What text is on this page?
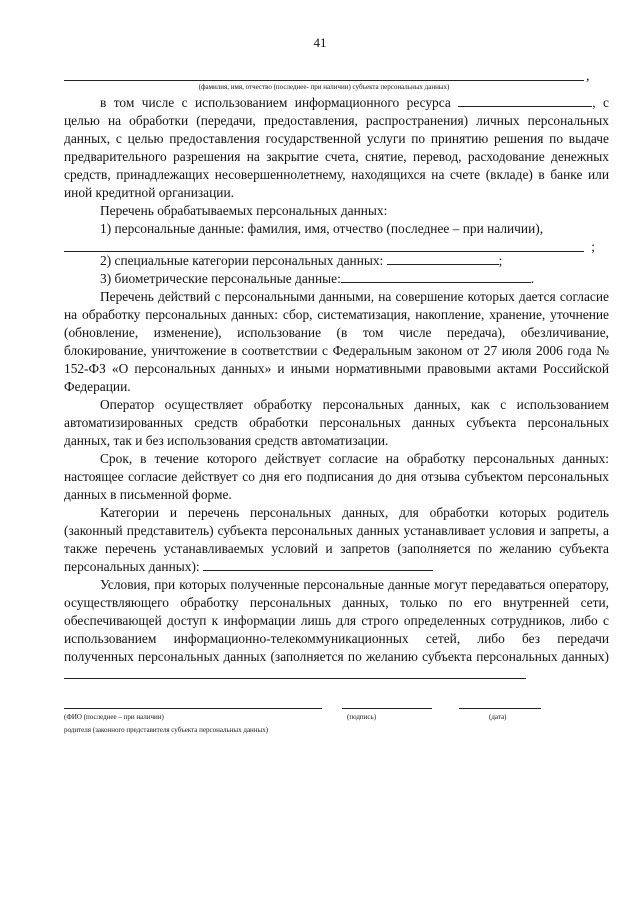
41
,
(фамилия, имя, отчество (последнее- при наличии) субъекта персональных данных)

в том числе с использованием информационного ресурса	, с целью на обработки (передачи, предоставления, распространения) личных персональных данных, с целью предоставления государственной услуги по принятию решения по выдаче предварительного разрешения на закрытие счета, снятие, перевод, расходование денежных средств, принадлежащих несовершеннолетнему, находящихся на счете (вкладе) в банке или иной кредитной организации.

Перечень обрабатываемых персональных данных:

1) персональные данные: фамилия, имя, отчество (последнее – при наличии),

;

2) специальные категории персональных данных:	;

3) биометрические персональные данные:	.

Перечень действий с персональными данными, на совершение которых дается согласие на обработку персональных данных: сбор, систематизация, накопление, хранение, уточнение (обновление, изменение), использование (в том числе передача), обезличивание, блокирование, уничтожение в соответствии с Федеральным законом от 27 июля 2006 года № 152-ФЗ «О персональных данных» и иными нормативными правовыми актами Российской Федерации.

Оператор осуществляет обработку персональных данных, как с использованием автоматизированных средств обработки персональных данных субъекта персональных данных, так и без использования средств автоматизации.

Срок, в течение которого действует согласие на обработку персональных данных: настоящее согласие действует со дня его подписания до дня отзыва субъектом персональных данных в письменной форме.

Категории и перечень персональных данных, для обработки которых родитель (законный представитель) субъекта персональных данных устанавливает условия и запреты, а также перечень устанавливаемых условий и запретов (заполняется по желанию субъекта персональных данных):

Условия, при которых полученные персональные данные могут передаваться оператору, осуществляющего обработку персональных данных, только по его внутренней сети, обеспечивающей доступ к информации лишь для строго определенных сотрудников, либо с использованием информационно-телекоммуникационных сетей, либо без передачи полученных персональных данных (заполняется по желанию субъекта персональных данных)

(ФИО (последнее – при наличии)	(подпись)	(дата)
родителя (законного представителя субъекта персональных данных)
